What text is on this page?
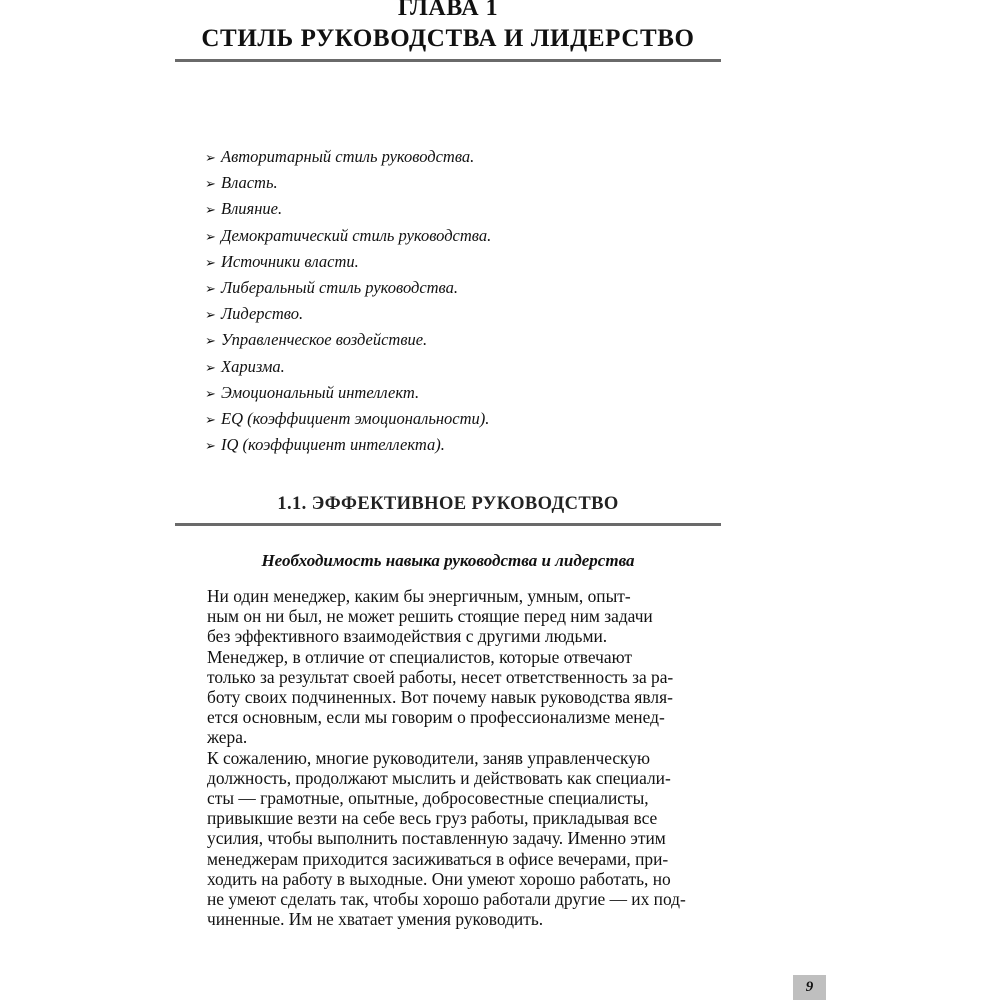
ГЛАВА 1
СТИЛЬ РУКОВОДСТВА И ЛИДЕРСТВО
➢ Авторитарный стиль руководства.
➢ Власть.
➢ Влияние.
➢ Демократический стиль руководства.
➢ Источники власти.
➢ Либеральный стиль руководства.
➢ Лидерство.
➢ Управленческое воздействие.
➢ Харизма.
➢ Эмоциональный интеллект.
➢ EQ (коэффициент эмоциональности).
➢ IQ (коэффициент интеллекта).
1.1. ЭФФЕКТИВНОЕ РУКОВОДСТВО
Необходимость навыка руководства и лидерства

Ни один менеджер, каким бы энергичным, умным, опыт-
ным он ни был, не может решить стоящие перед ним задачи
без эффективного взаимодействия с другими людьми.

Менеджер, в отличие от специалистов, которые отвечают
только за результат своей работы, несет ответственность за ра-
боту своих подчиненных. Вот почему навык руководства явля-
ется основным, если мы говорим о профессионализме менед-
жера.

К сожалению, многие руководители, заняв управленческую
должность, продолжают мыслить и действовать как специали-
сты — грамотные, опытные, добросовестные специалисты,
привыкшие везти на себе весь груз работы, прикладывая все
усилия, чтобы выполнить поставленную задачу. Именно этим
менеджерам приходится засиживаться в офисе вечерами, при-
ходить на работу в выходные. Они умеют хорошо работать, но
не умеют сделать так, чтобы хорошо работали другие — их под-
чиненные. Им не хватает умения руководить.

9
